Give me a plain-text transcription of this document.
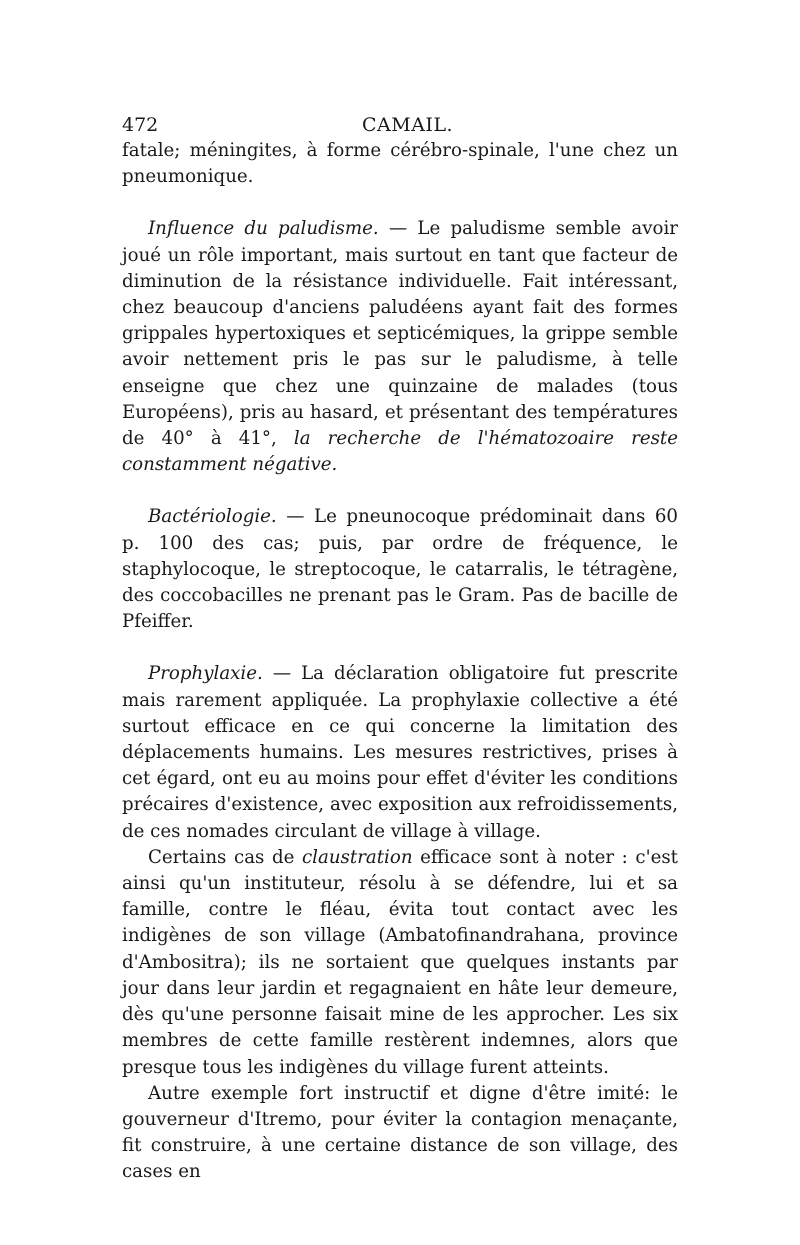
472	CAMAIL.

fatale; méningites, à forme cérébro-spinale, l'une chez un pneumonique.

Influence du paludisme. — Le paludisme semble avoir joué un rôle important, mais surtout en tant que facteur de diminution de la résistance individuelle. Fait intéressant, chez beaucoup d'anciens paludéens ayant fait des formes grippales hypertoxiques et septicémiques, la grippe semble avoir nettement pris le pas sur le paludisme, à telle enseigne que chez une quinzaine de malades (tous Européens), pris au hasard, et présentant des températures de 40° à 41°, la recherche de l'hématozoaire reste constamment négative.

Bactériologie. — Le pneunocoque prédominait dans 60 p. 100 des cas; puis, par ordre de fréquence, le staphylocoque, le streptocoque, le catarralis, le tétragène, des coccobacilles ne prenant pas le Gram. Pas de bacille de Pfeiffer.

Prophylaxie. — La déclaration obligatoire fut prescrite mais rarement appliquée. La prophylaxie collective a été surtout efficace en ce qui concerne la limitation des déplacements humains. Les mesures restrictives, prises à cet égard, ont eu au moins pour effet d'éviter les conditions précaires d'existence, avec exposition aux refroidissements, de ces nomades circulant de village à village.

Certains cas de claustration efficace sont à noter : c'est ainsi qu'un instituteur, résolu à se défendre, lui et sa famille, contre le fléau, évita tout contact avec les indigènes de son village (Ambatofinandrahana, province d'Ambositra); ils ne sortaient que quelques instants par jour dans leur jardin et regagnaient en hâte leur demeure, dès qu'une personne faisait mine de les approcher. Les six membres de cette famille restèrent indemnes, alors que presque tous les indigènes du village furent atteints.

Autre exemple fort instructif et digne d'être imité: le gouverneur d'Itremo, pour éviter la contagion menaçante, fit construire, à une certaine distance de son village, des cases en
